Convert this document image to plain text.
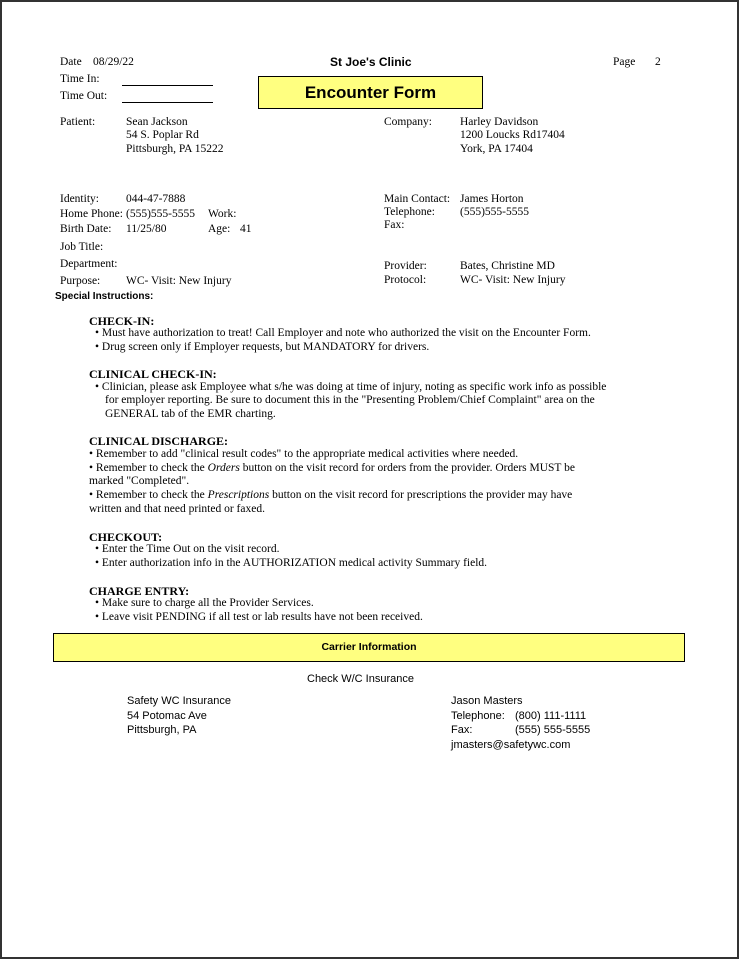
Date 08/29/22	St Joe's Clinic	Page 2
Time In:
Time Out:	Encounter Form
Patient:	Sean Jackson
54 S. Poplar Rd
Pittsburgh, PA 15222
Company: Harley Davidson
1200 Loucks Rd17404
York, PA 17404
Identity: 044-47-7888
Home Phone: (555)555-5555 Work:
Birth Date: 11/25/80	Age: 41
Job Title:
Department:
Purpose: WC- Visit: New Injury
Main Contact: James Horton
Telephone: (555)555-5555
Fax:
Provider:	Bates, Christine MD
Protocol:	WC- Visit: New Injury
Special Instructions:
CHECK-IN:
• Must have authorization to treat! Call Employer and note who authorized the visit on the Encounter Form.
• Drug screen only if Employer requests, but MANDATORY for drivers.
CLINICAL CHECK-IN:
• Clinician, please ask Employee what s/he was doing at time of injury, noting as specific work info as possible
for employer reporting. Be sure to document this in the "Presenting Problem/Chief Complaint" area on the
GENERAL tab of the EMR charting.
CLINICAL DISCHARGE:
• Remember to add "clinical result codes" to the appropriate medical activities where needed.
• Remember to check the Orders button on the visit record for orders from the provider. Orders MUST be
marked "Completed".
• Remember to check the Prescriptions button on the visit record for prescriptions the provider may have
written and that need printed or faxed.
CHECKOUT:
• Enter the Time Out on the visit record.
• Enter authorization info in the AUTHORIZATION medical activity Summary field.
CHARGE ENTRY:
• Make sure to charge all the Provider Services.
• Leave visit PENDING if all test or lab results have not been received.
Carrier Information
Check W/C Insurance
Safety WC Insurance
54 Potomac Ave
Pittsburgh, PA
Jason Masters
Telephone: (800) 111-1111
Fax:	(555) 555-5555
jmasters@safetywc.com
